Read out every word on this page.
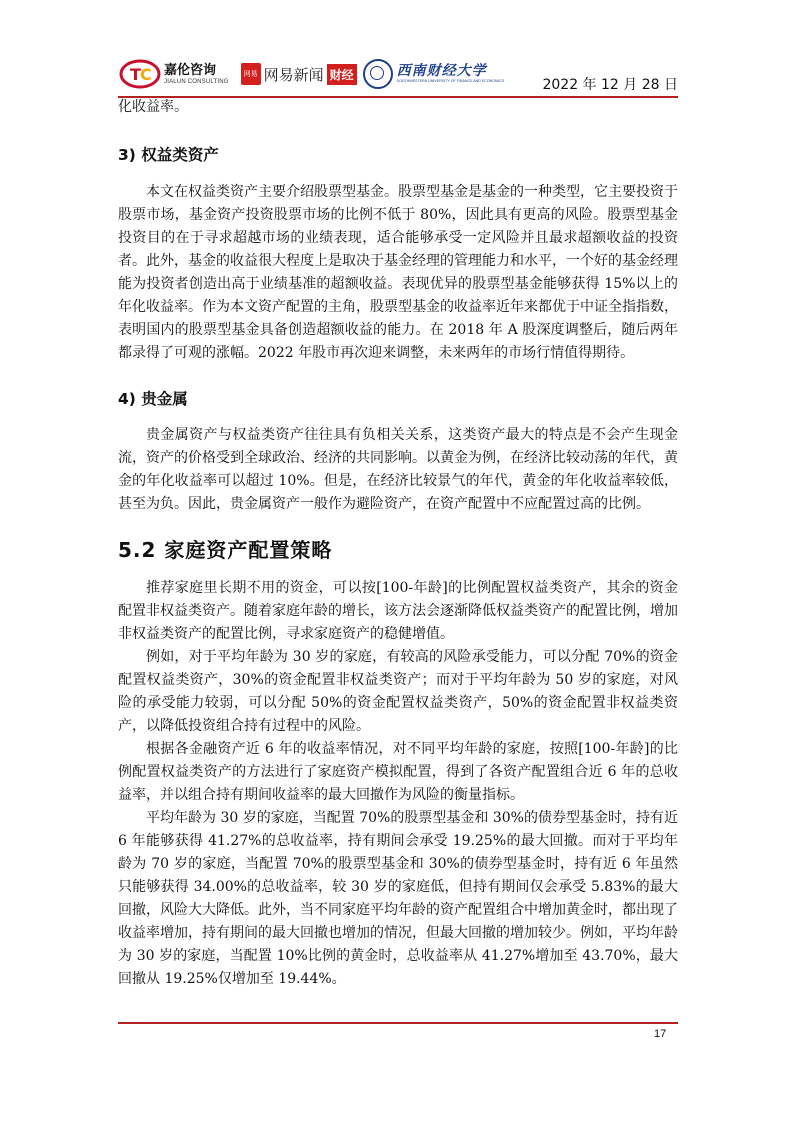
T C 嘉伦咨询
JIALUN CONSULTING
网易 网易新闻 财经	西南财经大学
SOUTHWESTERN UNIVERSITY OF FINANCE AND ECONOMICS	2022 年 12 月 28 日
化收益率。
3) 权益类资产

本文在权益类资产主要介绍股票型基金。股票型基金是基金的一种类型，它主要投资于股票市场，基金资产投资股票市场的比例不低于 80%，因此具有更高的风险。股票型基金投资目的在于寻求超越市场的业绩表现，适合能够承受一定风险并且最求超额收益的投资者。此外，基金的收益很大程度上是取决于基金经理的管理能力和水平，一个好的基金经理能为投资者创造出高于业绩基准的超额收益。表现优异的股票型基金能够获得 15%以上的年化收益率。作为本文资产配置的主角，股票型基金的收益率近年来都优于中证全指指数，表明国内的股票型基金具备创造超额收益的能力。在 2018 年 A 股深度调整后，随后两年都录得了可观的涨幅。2022 年股市再次迎来调整，未来两年的市场行情值得期待。

4) 贵金属

贵金属资产与权益类资产往往具有负相关关系，这类资产最大的特点是不会产生现金流，资产的价格受到全球政治、经济的共同影响。以黄金为例，在经济比较动荡的年代，黄金的年化收益率可以超过 10%。但是，在经济比较景气的年代，黄金的年化收益率较低，甚至为负。因此，贵金属资产一般作为避险资产，在资产配置中不应配置过高的比例。

5.2 家庭资产配置策略

推荐家庭里长期不用的资金，可以按[100-年龄]的比例配置权益类资产，其余的资金配置非权益类资产。随着家庭年龄的增长，该方法会逐渐降低权益类资产的配置比例，增加非权益类资产的配置比例，寻求家庭资产的稳健增值。

例如，对于平均年龄为 30 岁的家庭，有较高的风险承受能力，可以分配 70%的资金配置权益类资产，30%的资金配置非权益类资产；而对于平均年龄为 50 岁的家庭，对风险的承受能力较弱，可以分配 50%的资金配置权益类资产，50%的资金配置非权益类资产，以降低投资组合持有过程中的风险。

根据各金融资产近 6 年的收益率情况，对不同平均年龄的家庭，按照[100-年龄]的比例配置权益类资产的方法进行了家庭资产模拟配置，得到了各资产配置组合近 6 年的总收益率，并以组合持有期间收益率的最大回撤作为风险的衡量指标。

平均年龄为 30 岁的家庭，当配置 70%的股票型基金和 30%的债券型基金时，持有近 6 年能够获得 41.27%的总收益率，持有期间会承受 19.25%的最大回撤。而对于平均年龄为 70 岁的家庭，当配置 70%的股票型基金和 30%的债券型基金时，持有近 6 年虽然只能够获得 34.00%的总收益率，较 30 岁的家庭低，但持有期间仅会承受 5.83%的最大回撤，风险大大降低。此外，当不同家庭平均年龄的资产配置组合中增加黄金时，都出现了收益率增加，持有期间的最大回撤也增加的情况，但最大回撤的增加较少。例如，平均年龄为 30 岁的家庭，当配置 10%比例的黄金时，总收益率从 41.27%增加至 43.70%，最大回撤从 19.25%仅增加至 19.44%。

17
